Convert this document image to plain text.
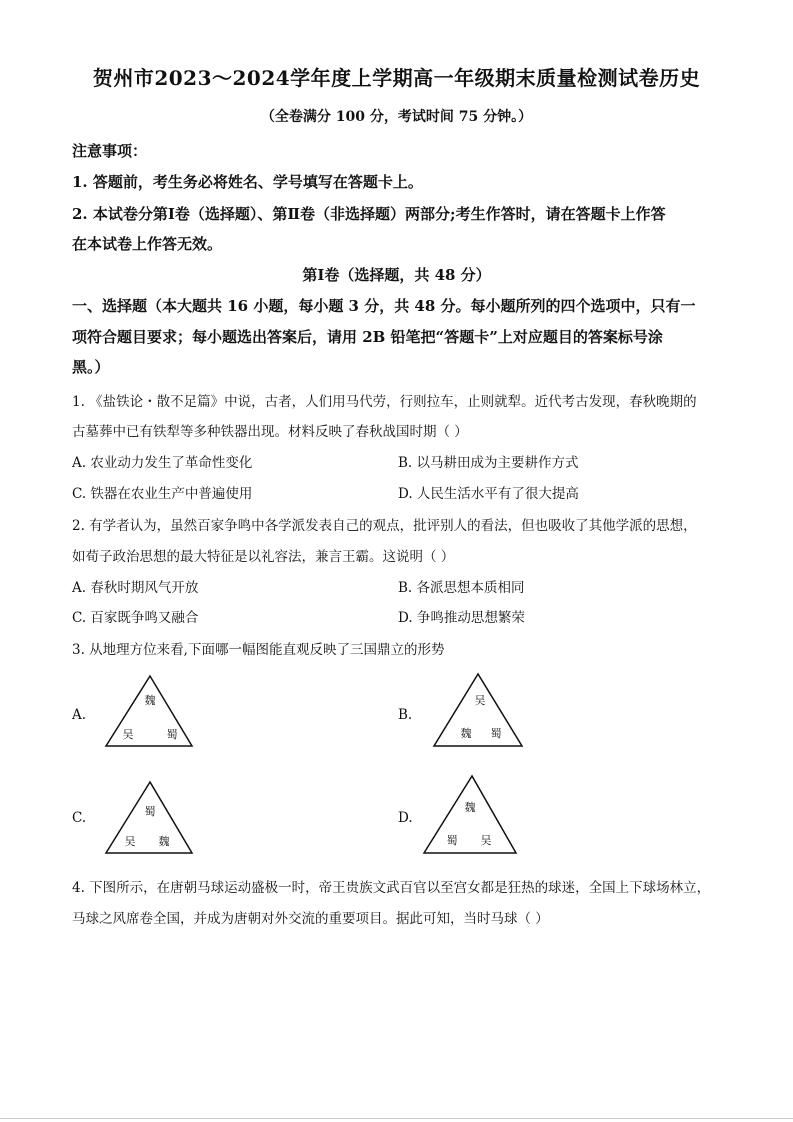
贺州市2023～2024学年度上学期高一年级期末质量检测试卷历史
（全卷满分 100 分，考试时间 75 分钟。）
注意事项：
1. 答题前，考生务必将姓名、学号填写在答题卡上。
2. 本试卷分第Ⅰ卷（选择题）、第Ⅱ卷（非选择题）两部分;考生作答时，请在答题卡上作答
在本试卷上作答无效。
第Ⅰ卷（选择题，共 48 分）
一、选择题（本大题共 16 小题，每小题 3 分，共 48 分。每小题所列的四个选项中，只有一
项符合题目要求；每小题选出答案后，请用 2B 铅笔把“答题卡”上对应题目的答案标号涂
黑。）
1. 《盐铁论・散不足篇》中说，古者，人们用马代劳，行则拉车，止则就犁。近代考古发现，春秋晚期的
古墓葬中已有铁犁等多种铁器出现。材料反映了春秋战国时期（ ）
A. 农业动力发生了革命性变化	B. 以马耕田成为主要耕作方式
C. 铁器在农业生产中普遍使用	D. 人民生活水平有了很大提高
2. 有学者认为，虽然百家争鸣中各学派发表自己的观点，批评别人的看法，但也吸收了其他学派的思想，
如荀子政治思想的最大特征是以礼容法，兼言王霸。这说明（ ）
A. 春秋时期风气开放	B. 各派思想本质相同
C. 百家既争鸣又融合	D. 争鸣推动思想繁荣
3. 从地理方位来看,下面哪一幅图能直观反映了三国鼎立的形势
A.
魏
吴	蜀
B.
吴
魏 蜀
C.	蜀
吴 魏
D.
魏
蜀 吴
4. 下图所示，在唐朝马球运动盛极一时，帝王贵族文武百官以至宫女都是狂热的球迷，全国上下球场林立，
马球之风席卷全国，并成为唐朝对外交流的重要项目。据此可知，当时马球（ ）
